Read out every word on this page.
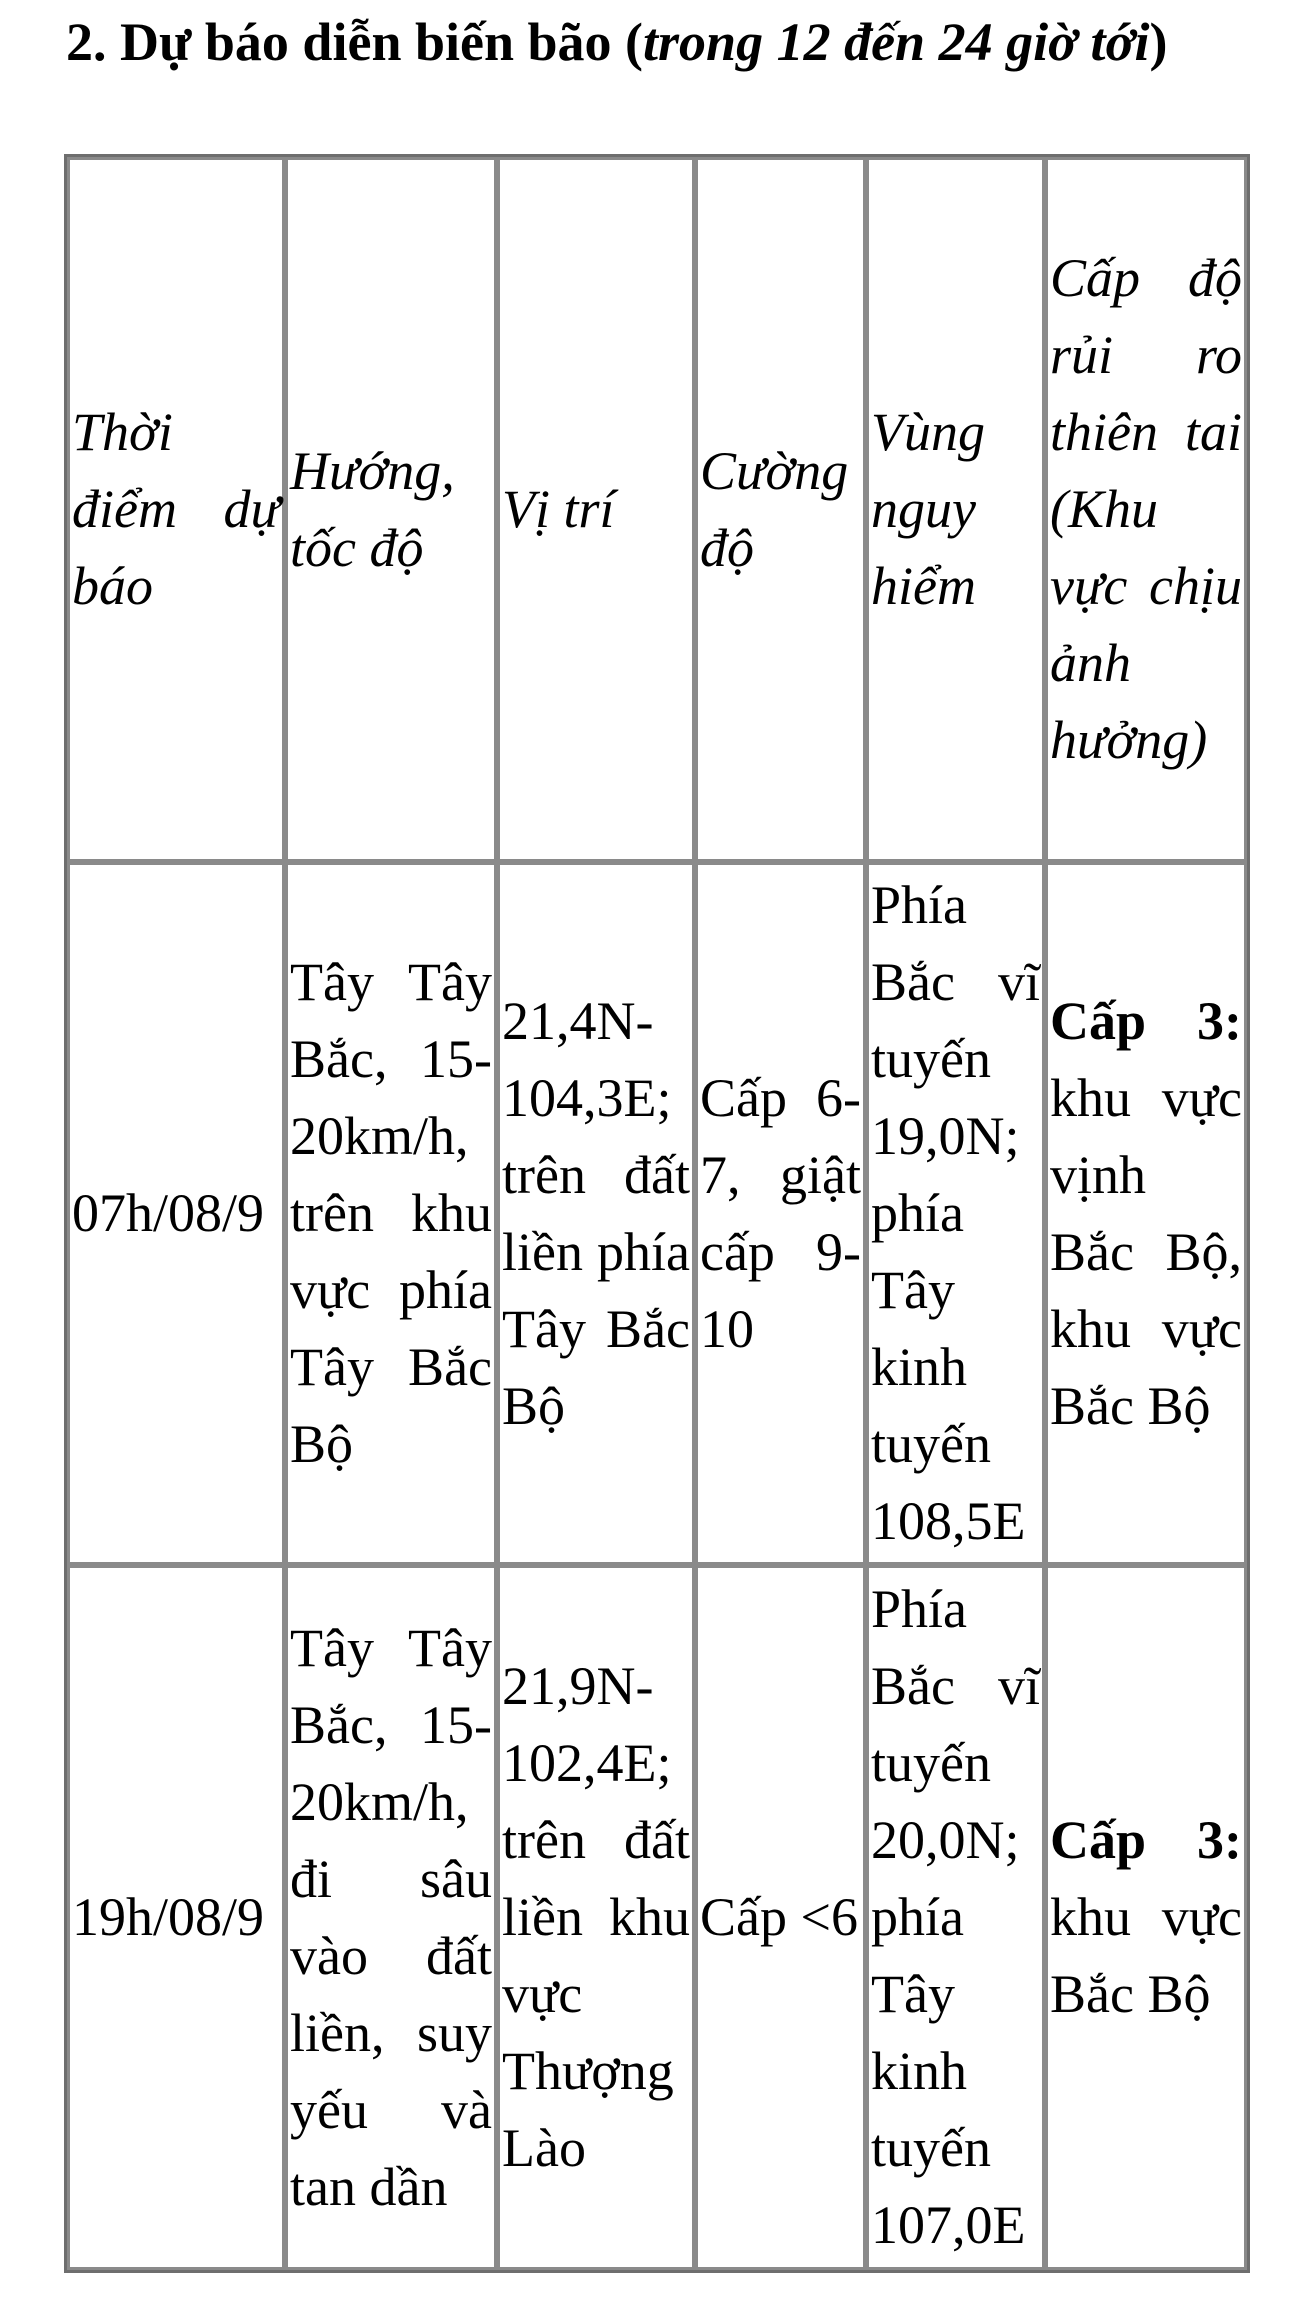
2. Dự báo diễn biến bão (trong 12 đến 24 giờ tới)
Thời điểm dự báo	Hướng, tốc độ	Vị trí	Cường độ	Vùng nguy hiểm	Cấp độ rủi ro thiên tai (Khu vực chịu ảnh hưởng)
07h/08/9	Tây Tây Bắc, 15-20km/h, trên khu vực phía Tây Bắc Bộ	21,4N-104,3E; trên đất liền phía Tây Bắc Bộ	Cấp 6-7, giật cấp 9-10	Phía Bắc vĩ tuyến 19,0N; phía Tây kinh tuyến 108,5E	Cấp 3: khu vực vịnh Bắc Bộ, khu vực Bắc Bộ
19h/08/9	Tây Tây Bắc, 15-20km/h, đi sâu vào đất liền, suy yếu và tan dần	21,9N-102,4E; trên đất liền khu vực Thượng Lào	Cấp <6	Phía Bắc vĩ tuyến 20,0N; phía Tây kinh tuyến 107,0E	Cấp 3: khu vực Bắc Bộ
